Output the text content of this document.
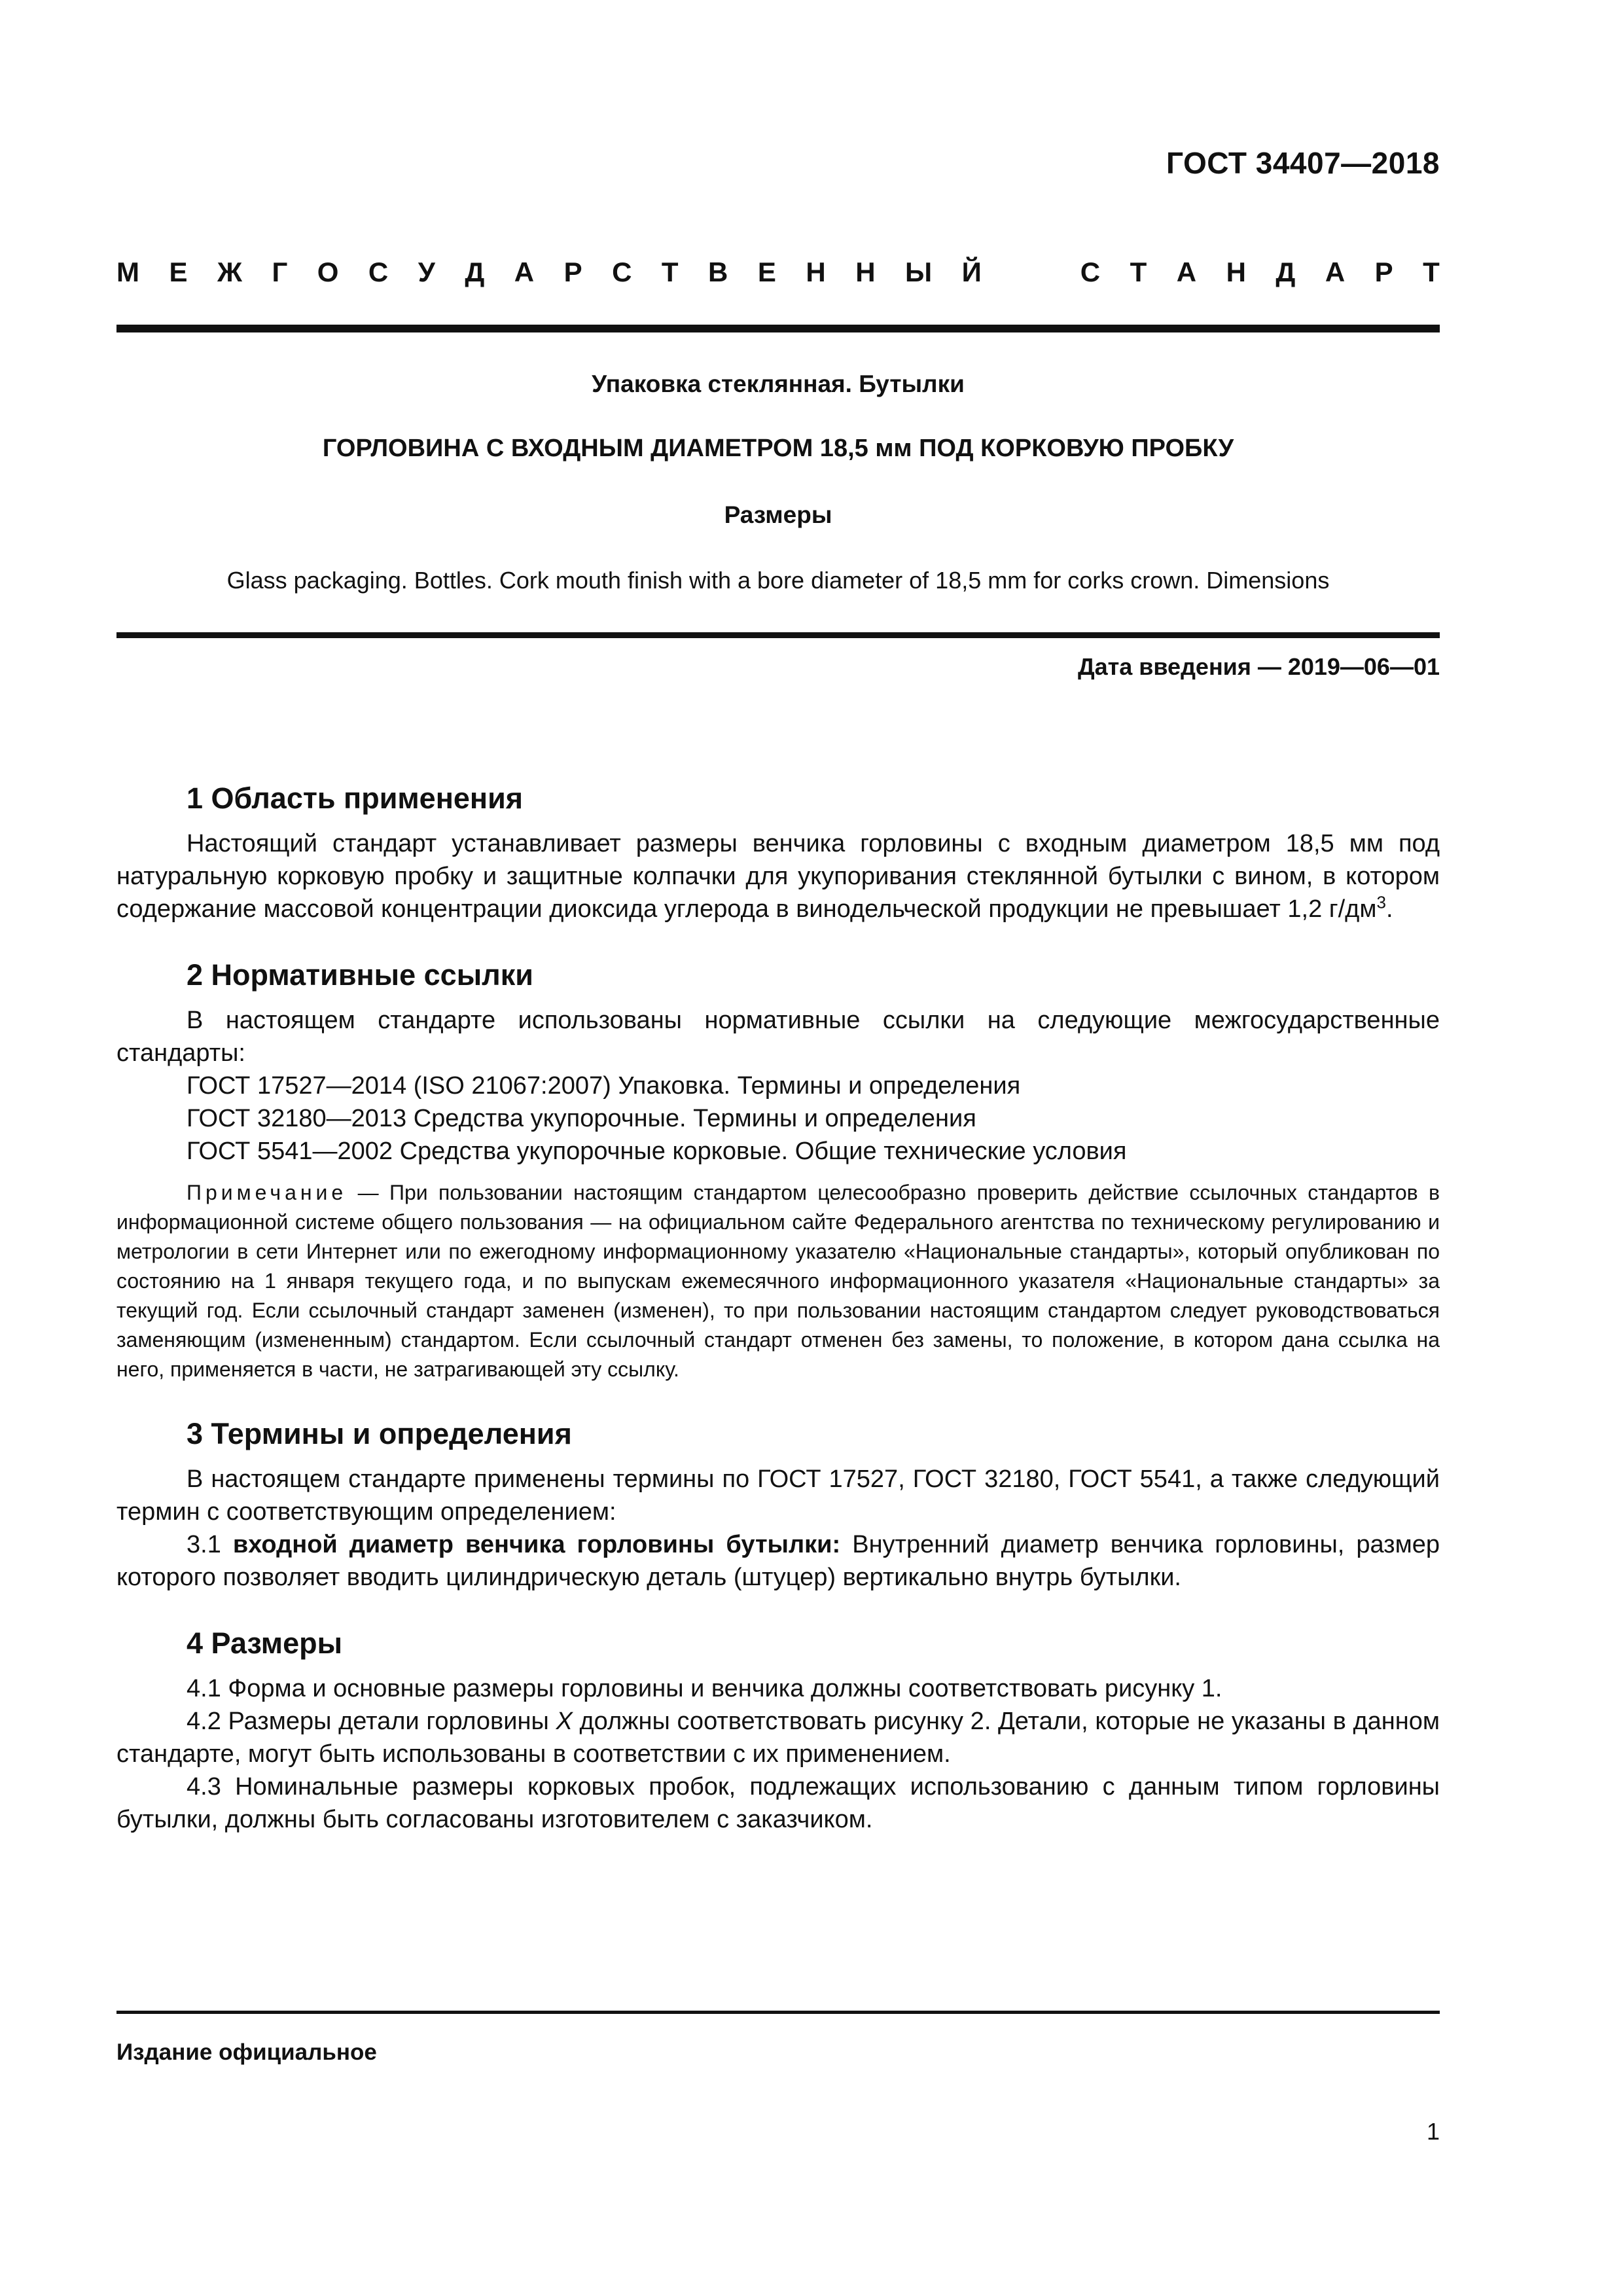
ГОСТ 34407—2018
М Е Ж Г О С У Д А Р С Т В Е Н Н Ы Й
	С Т А Н Д А Р Т
Упаковка стеклянная. Бутылки
ГОРЛОВИНА С ВХОДНЫМ ДИАМЕТРОМ 18,5 мм ПОД КОРКОВУЮ ПРОБКУ
Размеры
Glass packaging. Bottles. Cork mouth finish with a bore diameter of 18,5 mm for corks crown. Dimensions
Дата введения — 2019—06—01
1 Область применения

Настоящий стандарт устанавливает размеры венчика горловины с входным диаметром 18,5 мм под натуральную корковую пробку и защитные колпачки для укупоривания стеклянной бутылки с вином, в котором содержание массовой концентрации диоксида углерода в винодельческой продукции не превышает 1,2 $г/дм^3$.

2 Нормативные ссылки

В настоящем стандарте использованы нормативные ссылки на следующие межгосударственные стандарты:

ГОСТ 17527—2014 (ISO 21067:2007) Упаковка. Термины и определения

ГОСТ 32180—2013 Средства укупорочные. Термины и определения

ГОСТ 5541—2002 Средства укупорочные корковые. Общие технические условия

Примечание — При пользовании настоящим стандартом целесообразно проверить действие ссылочных стандартов в информационной системе общего пользования — на официальном сайте Федерального агентства по техническому регулированию и метрологии в сети Интернет или по ежегодному информационному указателю «Национальные стандарты», который опубликован по состоянию на 1 января текущего года, и по выпускам ежемесячного информационного указателя «Национальные стандарты» за текущий год. Если ссылочный стандарт заменен (изменен), то при пользовании настоящим стандартом следует руководствоваться заменяющим (измененным) стандартом. Если ссылочный стандарт отменен без замены, то положение, в котором дана ссылка на него, применяется в части, не затрагивающей эту ссылку.
3 Термины и определения

В настоящем стандарте применены термины по ГОСТ 17527, ГОСТ 32180, ГОСТ 5541, а также следующий термин с соответствующим определением:

3.1 входной диаметр венчика горловины бутылки: Внутренний диаметр венчика горловины, размер которого позволяет вводить цилиндрическую деталь (штуцер) вертикально внутрь бутылки.

4 Размеры

4.1 Форма и основные размеры горловины и венчика должны соответствовать рисунку 1.

4.2 Размеры детали горловины X должны соответствовать рисунку 2. Детали, которые не указаны в данном стандарте, могут быть использованы в соответствии с их применением.

4.3 Номинальные размеры корковых пробок, подлежащих использованию с данным типом горловины бутылки, должны быть согласованы изготовителем с заказчиком.

Издание официальное
1
